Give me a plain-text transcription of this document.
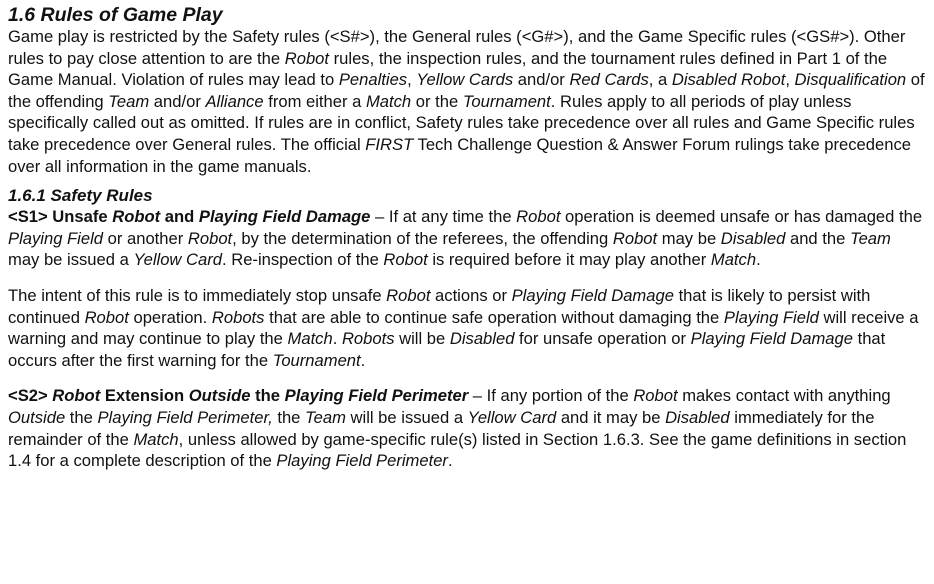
1.6 Rules of Game Play

Game play is restricted by the Safety rules (<S#>), the General rules (<G#>), and the Game Specific rules (<GS#>). Other rules to pay close attention to are the Robot rules, the inspection rules, and the tournament rules defined in Part 1 of the Game Manual. Violation of rules may lead to Penalties, Yellow Cards and/or Red Cards, a Disabled Robot, Disqualification of the offending Team and/or Alliance from either a Match or the Tournament. Rules apply to all periods of play unless specifically called out as omitted. If rules are in conflict, Safety rules take precedence over all rules and Game Specific rules take precedence over General rules. The official FIRST Tech Challenge Question & Answer Forum rulings take precedence over all information in the game manuals.

1.6.1 Safety Rules

<S1> Unsafe Robot and Playing Field Damage – If at any time the Robot operation is deemed unsafe or has damaged the Playing Field or another Robot, by the determination of the referees, the offending Robot may be Disabled and the Team may be issued a Yellow Card. Re-inspection of the Robot is required before it may play another Match.

The intent of this rule is to immediately stop unsafe Robot actions or Playing Field Damage that is likely to persist with continued Robot operation. Robots that are able to continue safe operation without damaging the Playing Field will receive a warning and may continue to play the Match. Robots will be Disabled for unsafe operation or Playing Field Damage that occurs after the first warning for the Tournament.

<S2> Robot Extension Outside the Playing Field Perimeter – If any portion of the Robot makes contact with anything Outside the Playing Field Perimeter, the Team will be issued a Yellow Card and it may be Disabled immediately for the remainder of the Match, unless allowed by game-specific rule(s) listed in Section 1.6.3. See the game definitions in section 1.4 for a complete description of the Playing Field Perimeter.
